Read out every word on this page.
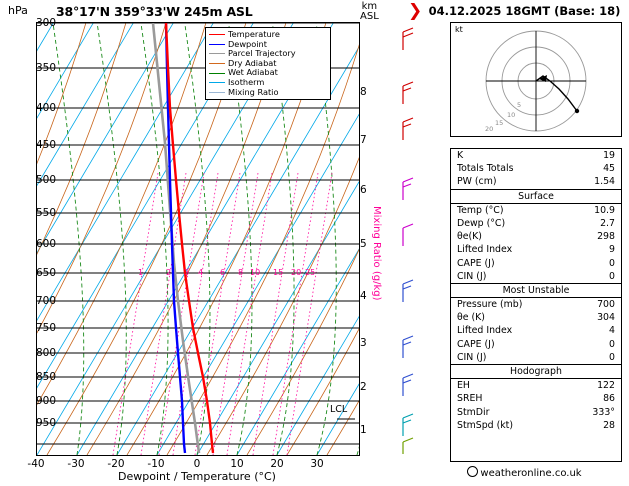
hPa 38°17'N 359°33'W 245m ASL	km
ASL
1	2 3 4 6 8 10 15 20 25
Temperature
Dewpoint
Parcel Trajectory
Dry Adiabat
Wet Adiabat
Isotherm
Mixing Ratio
300
350
400
450
500
550
600
650
700
750
800
850
900
950
8
7
6
5
4
3
2
1
-40	-30	-20	-10	0	10	20	30
Dewpoint / Temperature (°C)
LCL
Mixing Ratio (g/kg)
❯ 04.12.2025 18GMT (Base: 18)
kt
5
10
15
20
K	19
Totals Totals	45
PW (cm)	1.54
Surface
Temp (°C)	10.9
Dewp (°C)	2.7
θe(K)	298
Lifted Index	9
CAPE (J)	0
CIN (J)	0
Most Unstable
Pressure (mb)	700
θe (K)	304
Lifted Index	4
CAPE (J)	0
CIN (J)	0
Hodograph
EH	122
SREH	86
StmDir	333°
StmSpd (kt)	28
weatheronline.co.uk
